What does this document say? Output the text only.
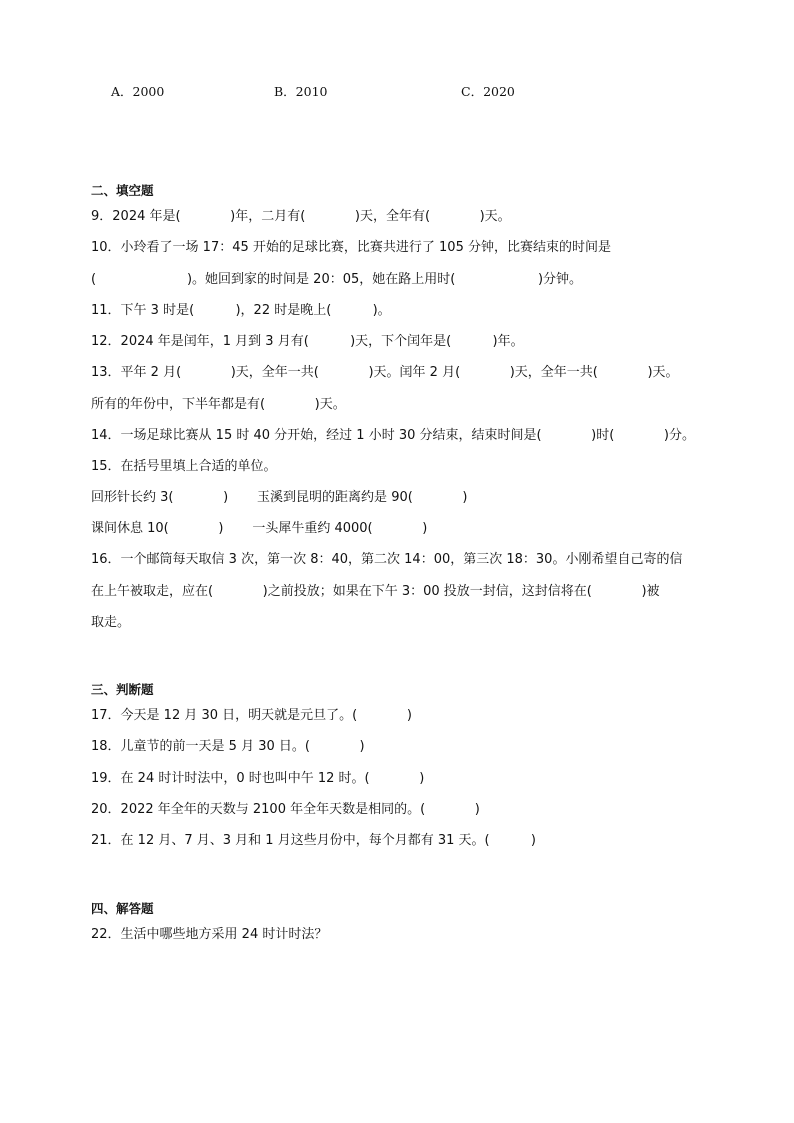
A．2000	B．2010	C．2020
二、填空题
9．2024 年是(            )年，二月有(            )天，全年有(            )天。
10．小玲看了一场 17：45 开始的足球比赛，比赛共进行了 105 分钟，比赛结束的时间是
(                      )。她回到家的时间是 20：05，她在路上用时(                    )分钟。
11．下午 3 时是(          )，22 时是晚上(          )。
12．2024 年是闰年，1 月到 3 月有(          )天，下个闰年是(          )年。
13．平年 2 月(            )天，全年一共(            )天。闰年 2 月(            )天，全年一共(            )天。
所有的年份中，下半年都是有(            )天。
14．一场足球比赛从 15 时 40 分开始，经过 1 小时 30 分结束，结束时间是(            )时(            )分。
15．在括号里填上合适的单位。
回形针长约 3(            )       玉溪到昆明的距离约是 90(            )
课间休息 10(            )       一头犀牛重约 4000(            )
16．一个邮筒每天取信 3 次，第一次 8：40，第二次 14：00，第三次 18：30。小刚希望自己寄的信
在上午被取走，应在(            )之前投放；如果在下午 3：00 投放一封信，这封信将在(            )被
取走。
三、判断题
17．今天是 12 月 30 日，明天就是元旦了。(            )
18．儿童节的前一天是 5 月 30 日。(            )
19．在 24 时计时法中，0 时也叫中午 12 时。(            )
20．2022 年全年的天数与 2100 年全年天数是相同的。(            )
21．在 12 月、7 月、3 月和 1 月这些月份中，每个月都有 31 天。(          )
四、解答题
22．生活中哪些地方采用 24 时计时法？
